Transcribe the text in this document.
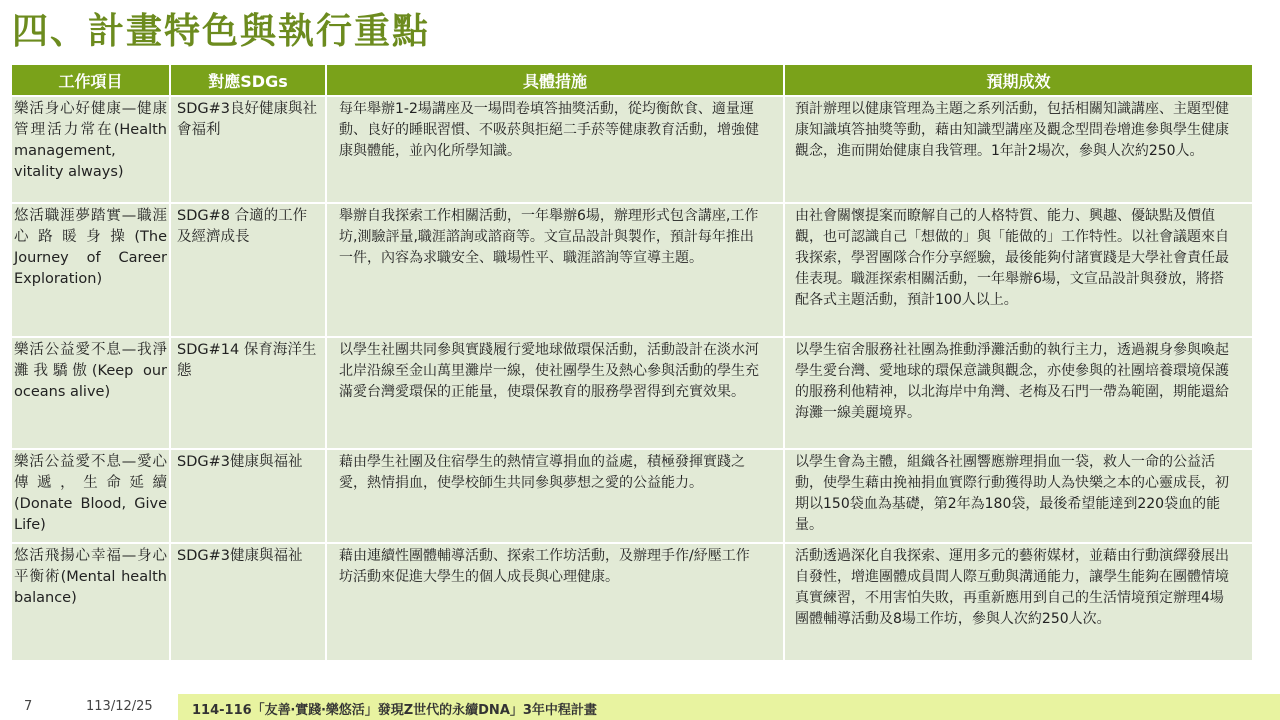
四、計畫特色與執行重點
工作項目	對應SDGs	具體措施	預期成效
樂活身心好健康—健康管理活力常在(Health management, vitality always)	SDG#3良好健康與社會福利	每年舉辦1-2場講座及一場問卷填答抽獎活動，從均衡飲食、適量運動、良好的睡眠習慣、不吸菸與拒絕二手菸等健康教育活動，增強健康與體能，並內化所學知識。	預計辦理以健康管理為主題之系列活動，包括相關知識講座、主題型健康知識填答抽獎等動，藉由知識型講座及觀念型問卷增進參與學生健康觀念，進而開始健康自我管理。1年計2場次，參與人次約250人。
悠活職涯夢踏實—職涯心路暖身操(The Journey of Career Exploration)	SDG#8 合適的工作及經濟成長	舉辦自我探索工作相關活動，一年舉辦6場，辦理形式包含講座,工作坊,測驗評量,職涯諮詢或諮商等。文宣品設計與製作，預計每年推出一件，內容為求職安全、職場性平、職涯諮詢等宣導主題。	由社會關懷提案而瞭解自己的人格特質、能力、興趣、優缺點及價值觀，也可認識自己「想做的」與「能做的」工作特性。以社會議題來自我探索，學習團隊合作分享經驗，最後能夠付諸實踐是大學社會責任最佳表現。職涯探索相關活動，一年舉辦6場，文宣品設計與發放，將搭配各式主題活動，預計100人以上。
樂活公益愛不息—我淨灘我驕傲(Keep our oceans alive)	SDG#14 保育海洋生態	以學生社團共同參與實踐履行愛地球做環保活動，活動設計在淡水河北岸沿線至金山萬里灘岸一線，使社團學生及熱心參與活動的學生充滿愛台灣愛環保的正能量，使環保教育的服務學習得到充實效果。	以學生宿舍服務社社團為推動淨灘活動的執行主力，透過親身參與喚起學生愛台灣、愛地球的環保意識與觀念，亦使參與的社團培養環境保護的服務利他精神，以北海岸中角灣、老梅及石門一帶為範圍，期能還給海灘一線美麗境界。
樂活公益愛不息—愛心傳遞，生命延續(Donate Blood, Give Life)	SDG#3健康與福祉	藉由學生社團及住宿學生的熱情宣導捐血的益處，積極發揮實踐之愛，熱情捐血，使學校師生共同參與夢想之愛的公益能力。	以學生會為主體，組織各社團響應辦理捐血一袋，救人一命的公益活動，使學生藉由挽袖捐血實際行動獲得助人為快樂之本的心靈成長，初期以150袋血為基礎，第2年為180袋，最後希望能達到220袋血的能量。
悠活飛揚心幸福—身心平衡術(Mental health balance)	SDG#3健康與福祉	藉由連續性團體輔導活動、探索工作坊活動，及辦理手作/紓壓工作坊活動來促進大學生的個人成長與心理健康。	活動透過深化自我探索、運用多元的藝術媒材，並藉由行動演繹發展出自發性，增進團體成員間人際互動與溝通能力，讓學生能夠在團體情境真實練習，不用害怕失敗，再重新應用到自己的生活情境預定辦理4場團體輔導活動及8場工作坊，參與人次約250人次。
7	113/12/25	114-116「友善‧實踐‧樂悠活」發現Z世代的永續DNA」3年中程計畫
